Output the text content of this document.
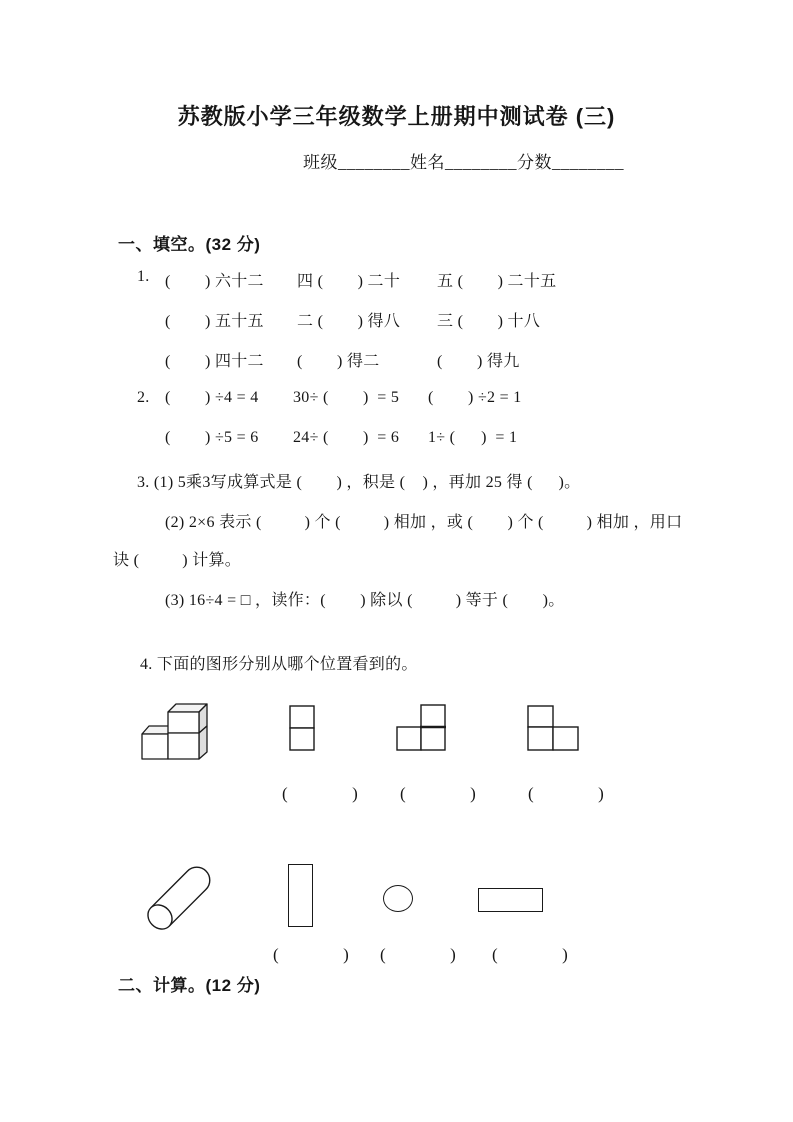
苏教版小学三年级数学上册期中测试卷 (三)
班级________姓名________分数________
一、填空。(32 分)
1. (        ) 六十二 四 (        ) 二十 五 (        ) 二十五
(        ) 五十五 二 (        ) 得八 三 (        ) 十八
(        ) 四十二 (        ) 得二	(        ) 得九
2. (        ) ÷4 = 4 30÷ (        )  = 5 (        ) ÷2 = 1
(        ) ÷5 = 6 24÷ (        )  = 6 1÷ (      )  = 1
3. (1) 5乘3写成算式是 (        ) ，积是 (    ) ，再加 25 得 (      )。
(2) 2×6 表示 (          ) 个 (          ) 相加 ，或 (        ) 个 (          ) 相加 ，用口
诀 (          ) 计算。
(3) 16÷4 = □ ，读作：(        ) 除以 (          ) 等于 (        )。
4. 下面的图形分别从哪个位置看到的。
(          ) (          )	(          )
(          ) (          ) (          )
二、计算。(12 分)
